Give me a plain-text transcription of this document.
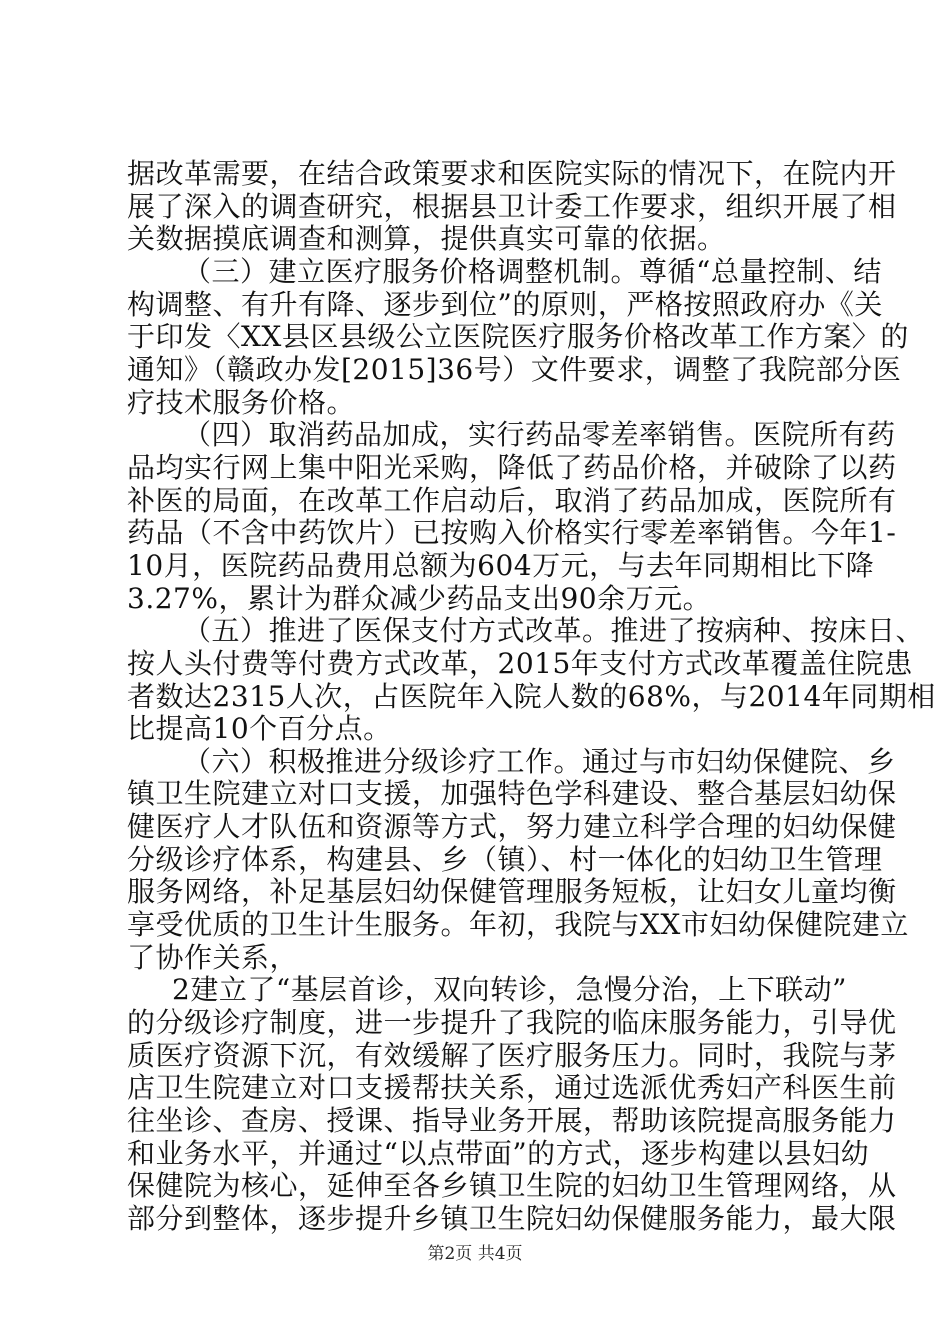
据改革需要，在结合政策要求和医院实际的情况下，在院内开
展了深入的调查研究，根据县卫计委工作要求，组织开展了相
关数据摸底调查和测算，提供真实可靠的依据。
（三）建立医疗服务价格调整机制。尊循“总量控制、结
构调整、有升有降、逐步到位”的原则，严格按照政府办《关
于印发〈XX县区县级公立医院医疗服务价格改革工作方案〉的
通知》（赣政办发[2015]36号）文件要求，调整了我院部分医
疗技术服务价格。
（四）取消药品加成，实行药品零差率销售。医院所有药
品均实行网上集中阳光采购，降低了药品价格，并破除了以药
补医的局面，在改革工作启动后，取消了药品加成，医院所有
药品（不含中药饮片）已按购入价格实行零差率销售。今年1-
10月，医院药品费用总额为604万元，与去年同期相比下降
3.27%，累计为群众减少药品支出90余万元。
（五）推进了医保支付方式改革。推进了按病种、按床日、
按人头付费等付费方式改革，2015年支付方式改革覆盖住院患
者数达2315人次，占医院年入院人数的68%，与2014年同期相
比提高10个百分点。
（六）积极推进分级诊疗工作。通过与市妇幼保健院、乡
镇卫生院建立对口支援，加强特色学科建设、整合基层妇幼保
健医疗人才队伍和资源等方式，努力建立科学合理的妇幼保健
分级诊疗体系，构建县、乡（镇）、村一体化的妇幼卫生管理
服务网络，补足基层妇幼保健管理服务短板，让妇女儿童均衡
享受优质的卫生计生服务。年初，我院与XX市妇幼保健院建立
了协作关系，
2建立了“基层首诊，双向转诊，急慢分治，上下联动”
的分级诊疗制度，进一步提升了我院的临床服务能力，引导优
质医疗资源下沉，有效缓解了医疗服务压力。同时，我院与茅
店卫生院建立对口支援帮扶关系，通过选派优秀妇产科医生前
往坐诊、查房、授课、指导业务开展，帮助该院提高服务能力
和业务水平，并通过“以点带面”的方式，逐步构建以县妇幼
保健院为核心，延伸至各乡镇卫生院的妇幼卫生管理网络，从
部分到整体，逐步提升乡镇卫生院妇幼保健服务能力，最大限
第2页 共4页
